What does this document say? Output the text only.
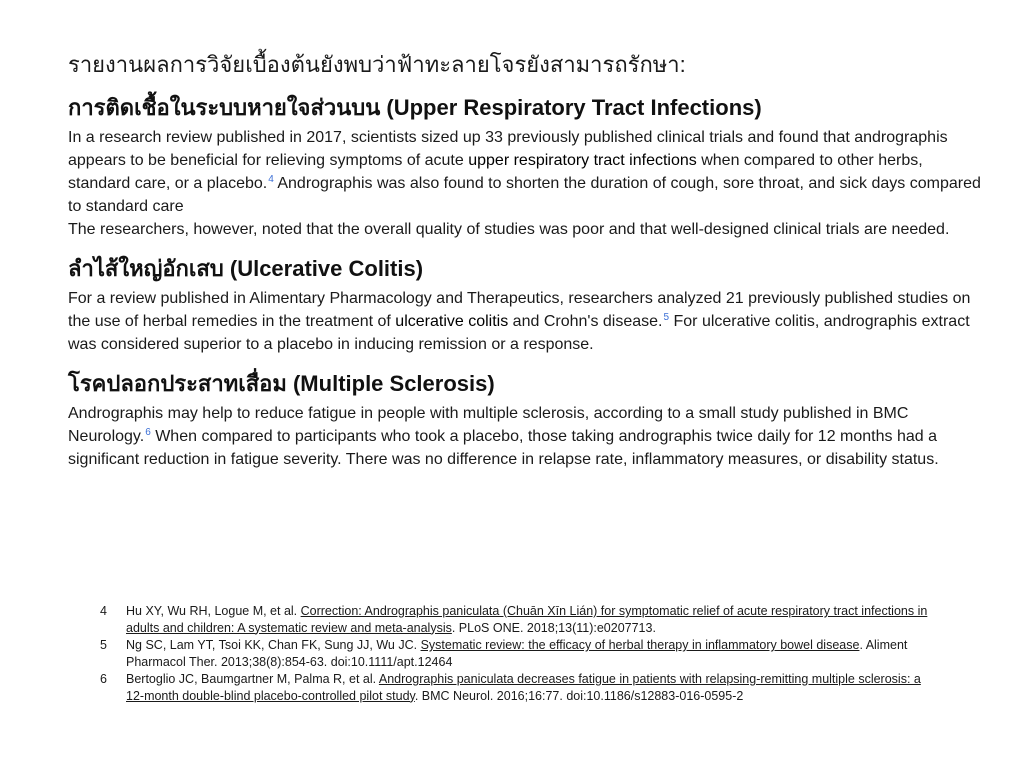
รายงานผลการวิจัยเบื้องต้นยังพบว่าฟ้าทะลายโจรยังสามารถรักษา:
การติดเชื้อในระบบหายใจส่วนบน (Upper Respiratory Tract Infections)

In a research review published in 2017, scientists sized up 33 previously published clinical trials and found that andrographis appears to be beneficial for relieving symptoms of acute upper respiratory tract infections when compared to other herbs, standard care, or a placebo.$^4$ Andrographis was also found to shorten the duration of cough, sore throat, and sick days compared to standard care

The researchers, however, noted that the overall quality of studies was poor and that well-designed clinical trials are needed.

ลำไส้ใหญ่อักเสบ (Ulcerative Colitis)

For a review published in Alimentary Pharmacology and Therapeutics, researchers analyzed 21 previously published studies on the use of herbal remedies in the treatment of ulcerative colitis and Crohn's disease.$^5$ For ulcerative colitis, andrographis extract was considered superior to a placebo in inducing remission or a response.

โรคปลอกประสาทเสื่อม (Multiple Sclerosis)

Andrographis may help to reduce fatigue in people with multiple sclerosis, according to a small study published in BMC Neurology.$^6$ When compared to participants who took a placebo, those taking andrographis twice daily for 12 months had a significant reduction in fatigue severity. There was no difference in relapse rate, inflammatory measures, or disability status.

4	Hu XY, Wu RH, Logue M, et al. Correction: Andrographis paniculata (Chuān Xīn Lián) for symptomatic relief of acute respiratory tract infections in adults and children: A systematic review and meta-analysis. PLoS ONE. 2018;13(11):e0207713.
5	Ng SC, Lam YT, Tsoi KK, Chan FK, Sung JJ, Wu JC. Systematic review: the efficacy of herbal therapy in inflammatory bowel disease. Aliment Pharmacol Ther. 2013;38(8):854-63. doi:10.1111/apt.12464
6	Bertoglio JC, Baumgartner M, Palma R, et al. Andrographis paniculata decreases fatigue in patients with relapsing-remitting multiple sclerosis: a 12-month double-blind placebo-controlled pilot study. BMC Neurol. 2016;16:77. doi:10.1186/s12883-016-0595-2
